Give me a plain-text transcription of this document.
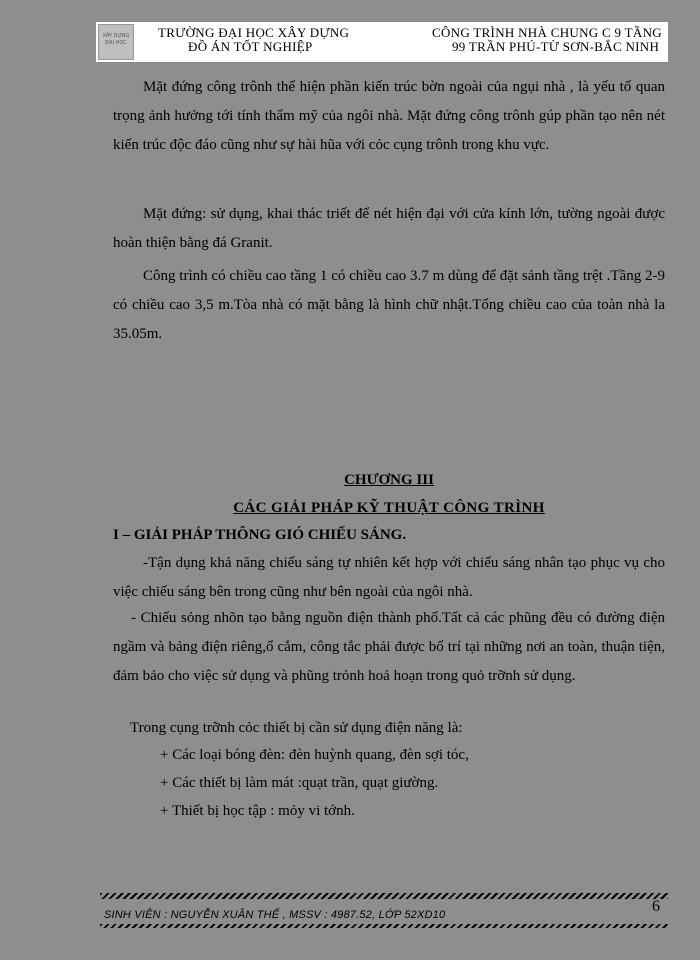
XÂY DỰNG ĐẠI HỌC
TRƯỜNG ĐẠI HỌC XÂY DỰNG
ĐỒ ÁN TỐT NGHIỆP
CÔNG TRÌNH NHÀ CHUNG C 9 TẦNG
99 TRẦN PHÚ-TỪ SƠN-BẮC NINH
Mặt đứng công trônh thể hiện phần kiến trúc bờn ngoài của ngụi nhà , là yếu tố quan trọng ảnh hưởng tới tính thẩm mỹ của ngôi nhà. Mặt đứng công trônh gúp phần tạo nên nét kiến trúc độc đáo cũng như sự hài hũa với cỏc cụng trônh trong khu vực.
Mặt đứng: sử dụng, khai thác triết để nét hiện đại với cửa kính lớn, tường ngoài được hoàn thiện bằng đá Granit.
Công trình có chiều cao tầng 1 có chiều cao 3.7 m dùng để đặt sảnh tầng trệt .Tầng 2-9 có chiều cao 3,5 m.Tòa nhà có mặt bằng là hình chữ nhật.Tổng chiều cao của toàn nhà la 35.05m.
CHƯƠNG III
CÁC GIẢI PHÁP KỸ THUẬT CÔNG TRÌNH
I – GIẢI PHÁP THÔNG GIÓ CHIẾU SÁNG.
-Tận dụng khả năng chiếu sáng tự nhiên kết hợp với chiếu sáng nhân tạo phục vụ cho việc chiếu sáng bên trong cũng như bên ngoài của ngôi nhà.
- Chiếu sỏng nhõn tạo bằng nguồn điện thành phố.Tất cả các phũng đều có đường điện ngầm và bảng điện riêng,ổ cắm, công tắc phải được bố trí tại những nơi an toàn, thuận tiện, đảm bảo cho việc sử dụng và phũng trỏnh hoả hoạn trong quỏ trỡnh sử dụng.
Trong cụng trỡnh cỏc thiết bị cần sử dụng điện năng là:
+ Các loại bóng đèn: đèn huỳnh quang, đèn sợi tóc,
+ Các thiết bị làm mát :quạt trần, quạt giường.
+ Thiết bị học tập : mỏy vi tớnh.
SINH VIÊN : NGUYỄN XUÂN THẾ , MSSV : 4987.52, LỚP 52XD10	6
